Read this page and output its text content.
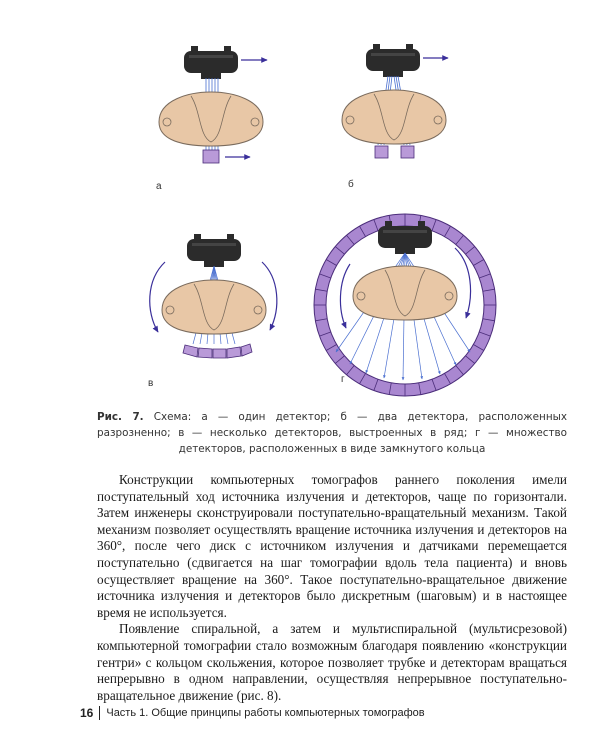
а	б
в	г
Рис. 7. Схема: а — один детектор; б — два детектора, расположенных разрозненно; в — несколько детекторов, выстроенных в ряд; г — множество детекторов, расположенных в виде замкнутого кольца

Конструкции компьютерных томографов раннего поколения имели поступательный ход источника излучения и детекторов, чаще по горизонтали. Затем инженеры сконструировали поступательно-вращательный механизм. Такой механизм позволяет осуществлять вращение источника излучения и детекторов на 360°, после чего диск с источником излучения и датчиками перемещается поступательно (сдвигается на шаг томографии вдоль тела пациента) и вновь осуществляет вращение на 360°. Такое поступательно-вращательное движение источника излучения и детекторов было дискретным (шаговым) и в настоящее время не используется.

Появление спиральной, а затем и мультиспиральной (мультисрезовой) компьютерной томографии стало возможным благодаря появлению «конструкции гентри» с кольцом скольжения, которое позволяет трубке и детекторам вращаться непрерывно в одном направлении, осуществляя непрерывное поступательно-вращательное движение (рис. 8).

16	Часть 1. Общие принципы работы компьютерных томографов
